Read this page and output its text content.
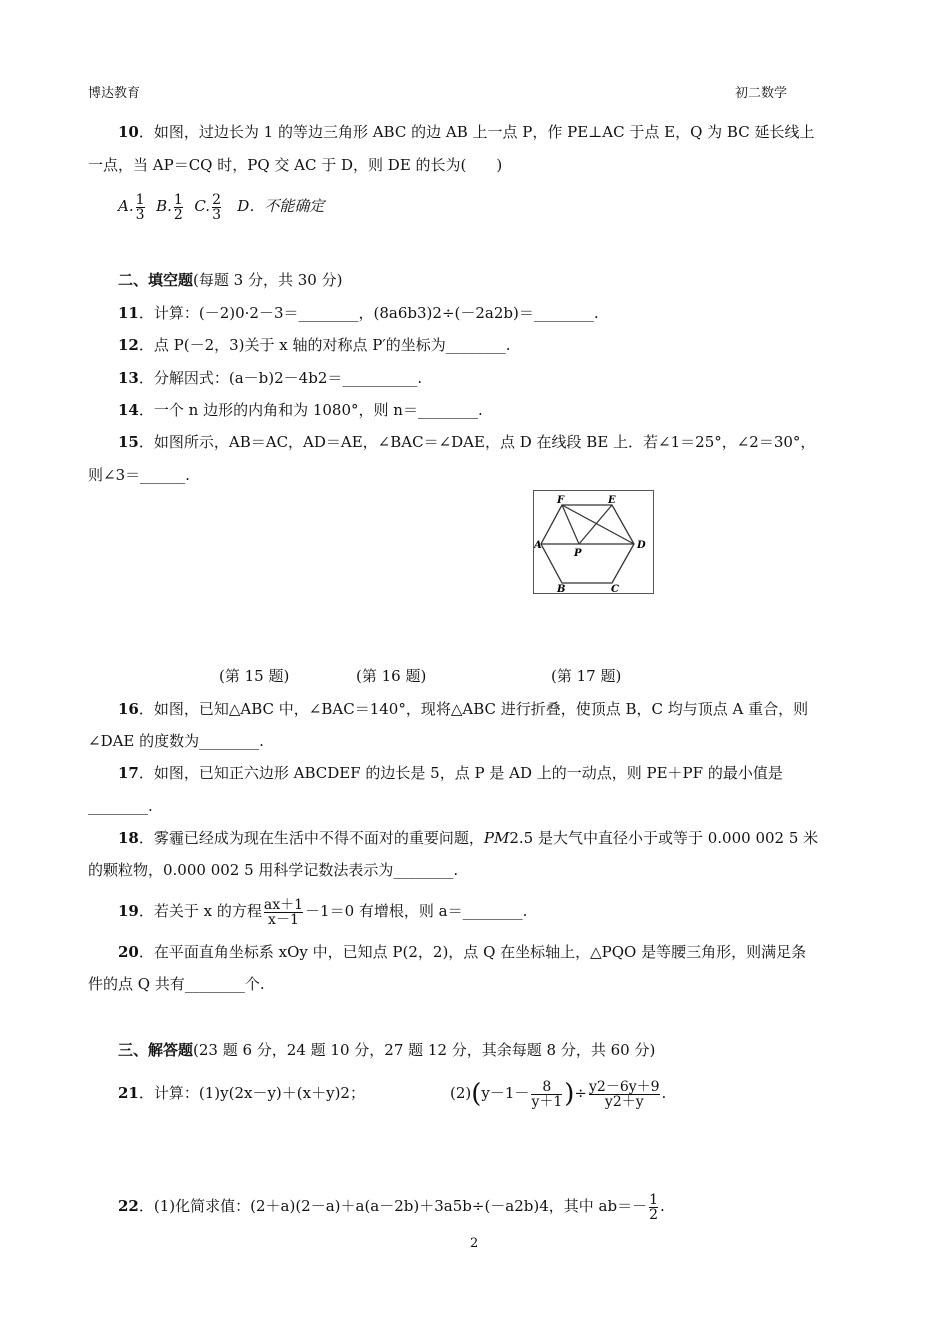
博达教育	初二数学
10．如图，过边长为 1 的等边三角形 ABC 的边 AB 上一点 P，作 PE⊥AC 于点 E，Q 为 BC 延长线上
一点，当 AP＝CQ 时，PQ 交 AC 于 D，则 DE 的长为(　　)
A. $\frac{1}{3} B$. $\frac{1}{2} C$. $\frac{2}{3}$ D．不能确定
二、填空题(每题 3 分，共 30 分)
11．计算：(－2)0·2－3＝________，(8a6b3)2÷(－2a2b)＝________.
12．点 P(－2，3)关于 x 轴的对称点 P′的坐标为________.
13．分解因式：(a－b)2－4b2＝__________.
14．一个 n 边形的内角和为 1080°，则 n＝________.
15．如图所示，AB＝AC，AD＝AE，∠BAC＝∠DAE，点 D 在线段 BE 上．若∠1＝25°，∠2＝30°，
则∠3＝______.
F	E
A	D
P
B	C
(第 15 题)	(第 16 题)	(第 17 题)
16．如图，已知△ABC 中，∠BAC＝140°，现将△ABC 进行折叠，使顶点 B，C 均与顶点 A 重合，则
∠DAE 的度数为________.
17．如图，已知正六边形 ABCDEF 的边长是 5，点 P 是 AD 上的一动点，则 PE＋PF 的最小值是
________.
18．雾霾已经成为现在生活中不得不面对的重要问题，PM2.5 是大气中直径小于或等于 0.000 002 5 米
的颗粒物，0.000 002 5 用科学记数法表示为________.
19．若关于 x 的方程 $\frac{ax+1}{x-1} -1=0$ 有增根，则 a＝________.
20．在平面直角坐标系 xOy 中，已知点 P(2，2)，点 Q 在坐标轴上，△PQO 是等腰三角形，则满足条
件的点 Q 共有________个.
三、解答题(23 题 6 分，24 题 10 分，27 题 12 分，其余每题 8 分，共 60 分)
21．计算：(1)y(2x－y)＋(x＋y)2；	$(2)(y-1- \frac{8}{y+1}$ )÷ $\frac{y2-6y+9}{y2+y}$ .
22．(1)化简求值：(2＋a)(2－a)＋a(a－2b)＋3a5b÷(－a2b)4，其中 $ab=- \frac{1}{2}$ .
2
